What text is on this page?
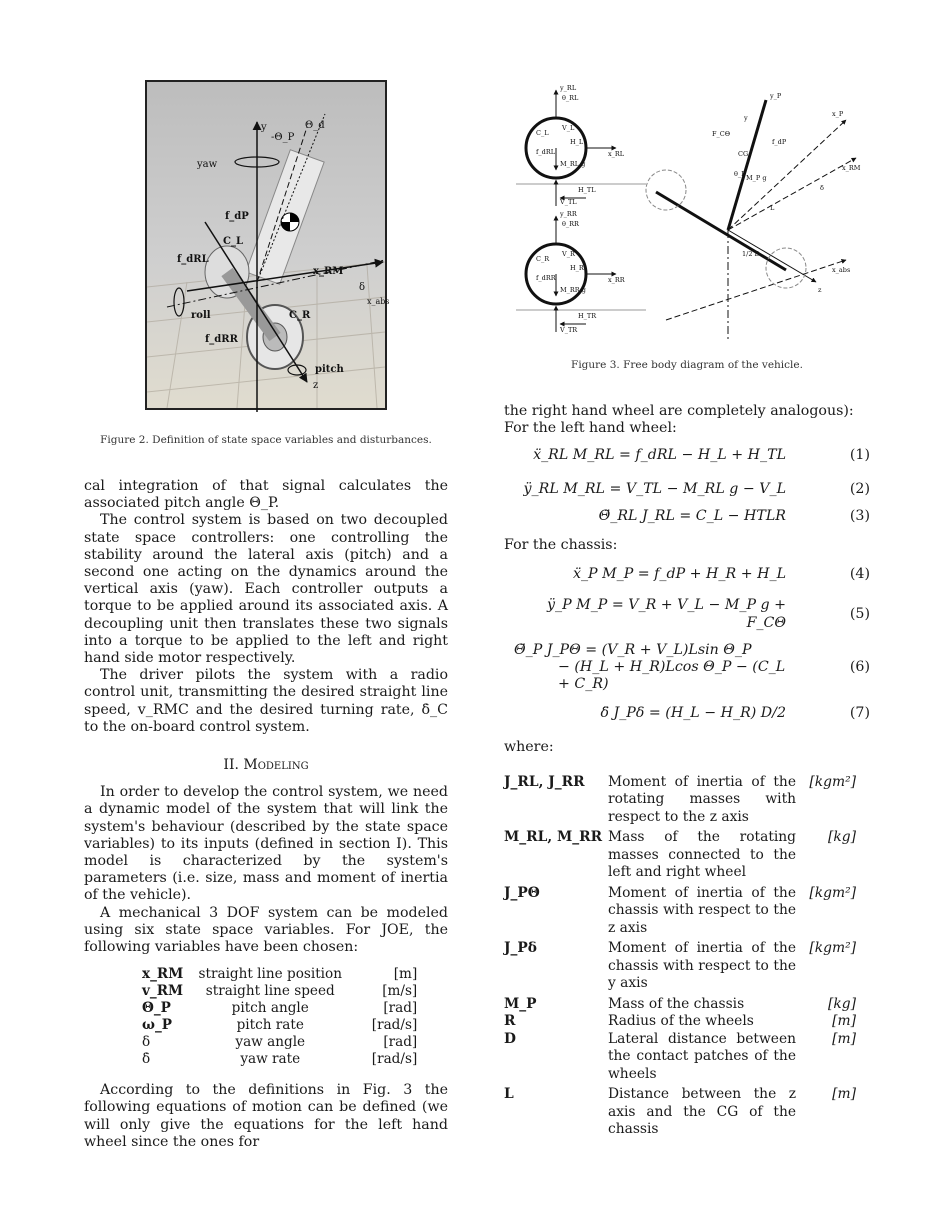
yaw
y
-Θ_P
Θ_d
f_dP
f_dRL
C_L
x_RM
δ
x_abs
roll	C_R
f_dRR
pitch
z
Figure 2. Definition of state space variables and disturbances.

cal integration of that signal calculates the associated pitch angle Θ_P.

The control system is based on two decoupled state space controllers: one controlling the stability around the lateral axis (pitch) and a second one acting on the dynamics around the vertical axis (yaw). Each controller outputs a torque to be applied around its associated axis. A decoupling unit then translates these two signals into a torque to be applied to the left and right hand side motor respectively.

The driver pilots the system with a radio control unit, transmitting the desired straight line speed, v_RMC and the desired turning rate, δ̇_C to the on-board control system.

II. Modeling

In order to develop the control system, we need a dynamic model of the system that will link the system's behaviour (described by the state space variables) to its inputs (defined in section I). This model is characterized by the system's parameters (i.e. size, mass and moment of inertia of the vehicle).

A mechanical 3 DOF system can be modeled using six state space variables. For JOE, the following variables have been chosen:

x_RM	straight line position	[m]
v_RM	straight line speed	[m/s]
Θ_P	pitch angle	[rad]
ω_P	pitch rate	[rad/s]
δ	yaw angle	[rad]
δ̇	yaw rate	[rad/s]

According to the definitions in Fig. 3 the following equations of motion can be defined (we will only give the equations for the left hand wheel since the ones for

y_RL
θ_RL
C_L
V_L
H_L
x_RL
f_dRL
M_RL g
H_TL
V_TL
y_RR
θ_RR
C_R
V_R
H_R
x_RR
f_dRR
M_RR g
H_TR
V_TR
y_P
x_P
y
F_CΘ
CG
f_dP
θ_P M_P g
L
1/2 D
x_abs
x_RM
δ
z
Figure 3. Free body diagram of the vehicle.

the right hand wheel are completely analogous):

For the left hand wheel:

ẍ_RL M_RL = f_dRL − H_L + H_TL	(1)
ÿ_RL M_RL = V_TL − M_RL g − V_L	(2)
Θ̈_RL J_RL = C_L − HTLR	(3)

For the chassis:

ẍ_P M_P = f_dP + H_R + H_L	(4)
ÿ_P M_P = V_R + V_L − M_P g + F_CΘ
(5)
Θ̈_P J_PΘ = (V_R + V_L)Lsin Θ_P
− (H_L + H_R)Lcos Θ_P − (C_L + C_R)
(6)
δ̈ J_Pδ = (H_L − H_R) D/2	(7)

where:

J_RL, J_RR	Moment of inertia of the rotating masses with respect to the z axis	[kgm²]
M_RL, M_RR	Mass of the rotating masses connected to the left and right wheel	[kg]
J_PΘ	Moment of inertia of the chassis with respect to the z axis	[kgm²]
J_Pδ	Moment of inertia of the chassis with respect to the y axis	[kgm²]
M_P	Mass of the chassis	[kg]
R	Radius of the wheels	[m]
D	Lateral distance between the contact patches of the wheels	[m]
L	Distance between the z axis and the CG of the chassis	[m]
